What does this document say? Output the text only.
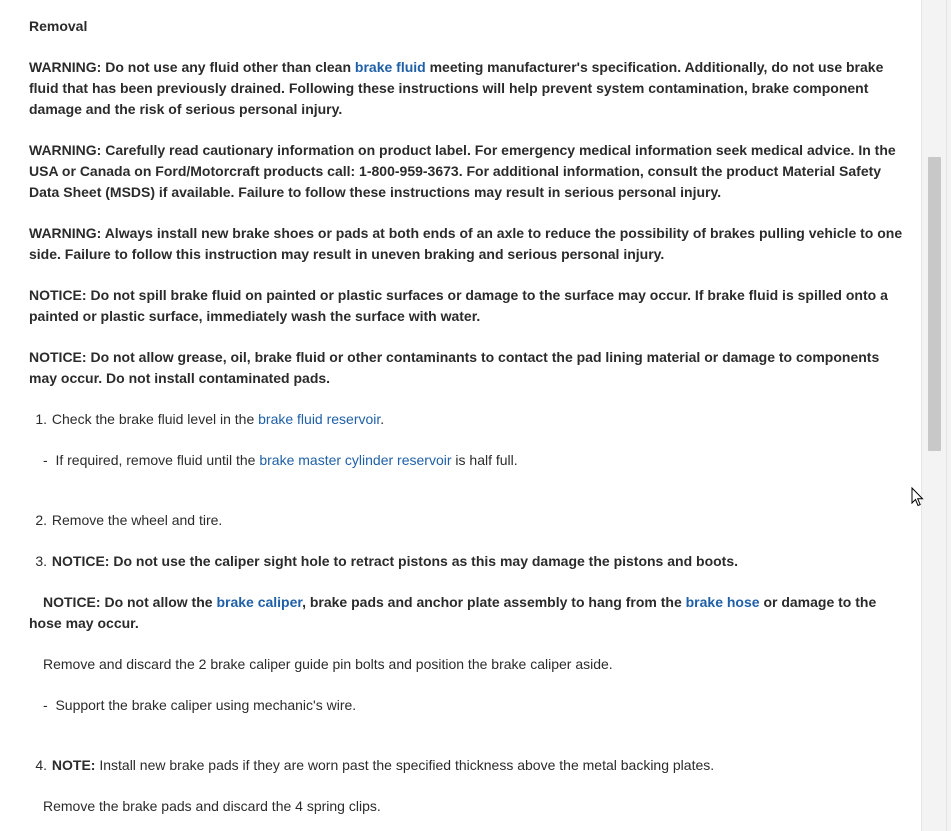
Removal
WARNING: Do not use any fluid other than clean brake fluid meeting manufacturer's specification. Additionally, do not use brake fluid that has been previously drained. Following these instructions will help prevent system contamination, brake component damage and the risk of serious personal injury.
WARNING: Carefully read cautionary information on product label. For emergency medical information seek medical advice. In the USA or Canada on Ford/Motorcraft products call: 1-800-959-3673. For additional information, consult the product Material Safety Data Sheet (MSDS) if available. Failure to follow these instructions may result in serious personal injury.
WARNING: Always install new brake shoes or pads at both ends of an axle to reduce the possibility of brakes pulling vehicle to one side. Failure to follow this instruction may result in uneven braking and serious personal injury.
NOTICE: Do not spill brake fluid on painted or plastic surfaces or damage to the surface may occur. If brake fluid is spilled onto a painted or plastic surface, immediately wash the surface with water.
NOTICE: Do not allow grease, oil, brake fluid or other contaminants to contact the pad lining material or damage to components may occur. Do not install contaminated pads.
1. Check the brake fluid level in the brake fluid reservoir.
- If required, remove fluid until the brake master cylinder reservoir is half full.
2. Remove the wheel and tire.
3. NOTICE: Do not use the caliper sight hole to retract pistons as this may damage the pistons and boots.
NOTICE: Do not allow the brake caliper, brake pads and anchor plate assembly to hang from the brake hose or damage to the hose may occur.
Remove and discard the 2 brake caliper guide pin bolts and position the brake caliper aside.
- Support the brake caliper using mechanic's wire.
4. NOTE: Install new brake pads if they are worn past the specified thickness above the metal backing plates.
Remove the brake pads and discard the 4 spring clips.
